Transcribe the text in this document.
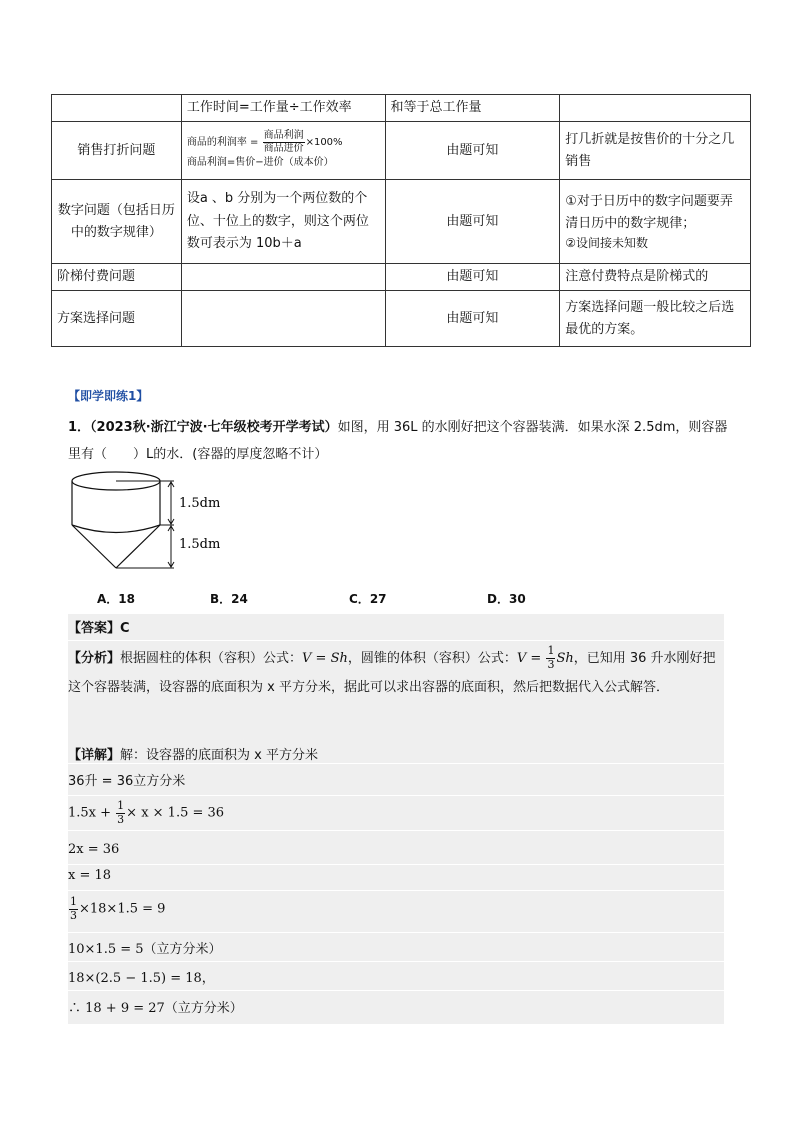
	工作时间=工作量÷工作效率	和等于总工作量	
销售打折问题	商品的利润率 = $\frac{\text{商品利润}}{\text{商品进价}} \times 100\%$
商品利润=售价−进价（成本价）	由题可知	打几折就是按售价的十分之几销售
数字问题（包括日历中的数字规律）	设a 、b 分别为一个两位数的个位、十位上的数字，则这个两位数可表示为 10b＋a	由题可知	①对于日历中的数字问题要弄清日历中的数字规律；
②设间接未知数

阶梯付费问题		由题可知	注意付费特点是阶梯式的
方案选择问题		由题可知	方案选择问题一般比较之后选最优的方案。
【即学即练1】
1．（2023秋·浙江宁波·七年级校考开学考试）如图，用 36L 的水刚好把这个容器装满．如果水深 2.5dm，则容器里有（　　）L的水．(容器的厚度忽略不计）
1.5dm
1.5dm
A．18	B．24	C．27	D．30
【答案】C
【分析】根据圆柱的体积（容积）公式：V = Sh，圆锥的体积（容积）公式：$V = \frac{1}{3}$ Sh，已知用 36 升水刚好把这个容器装满，设容器的底面积为 x 平方分米，据此可以求出容器的底面积，然后把数据代入公式解答．
【详解】解：设容器的底面积为 x 平方分米
36升 = 36立方分米
$1.5x + \frac{1}{3} \times x \times 1.5 = 36$
2x = 36
x = 18
$\frac{1}{3} \times 18\times 1.5 = 9$
10×1.5 = 5（立方分米）
18×(2.5 − 1.5) = 18，
∴ 18 + 9 = 27（立方分米）
